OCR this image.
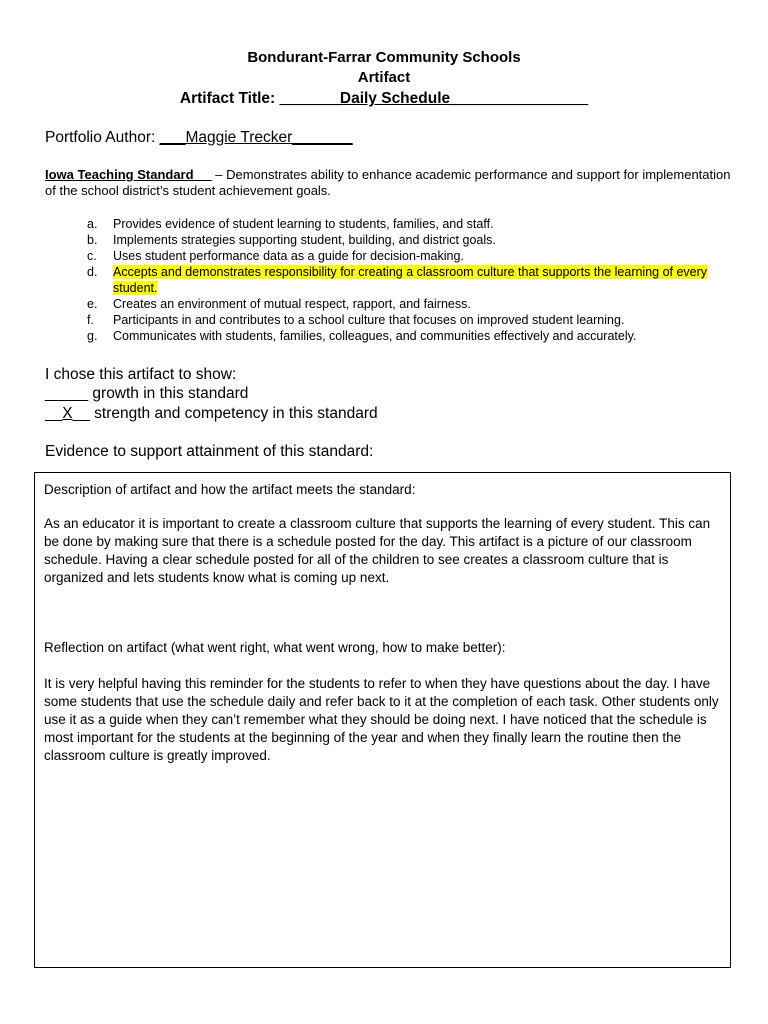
Bondurant-Farrar Community Schools
Artifact
Artifact Title: _______Daily Schedule________________
Portfolio Author: ___Maggie Trecker_______
Iowa Teaching Standard __ – Demonstrates ability to enhance academic performance and support for implementation of the school district’s student achievement goals.
a. Provides evidence of student learning to students, families, and staff.
b. Implements strategies supporting student, building, and district goals.
c. Uses student performance data as a guide for decision-making.
d. Accepts and demonstrates responsibility for creating a classroom culture that supports the learning of every student.
e. Creates an environment of mutual respect, rapport, and fairness.
f. Participants in and contributes to a school culture that focuses on improved student learning.
g. Communicates with students, families, colleagues, and communities effectively and accurately.
I chose this artifact to show:
_____ growth in this standard
__X__ strength and competency in this standard
Evidence to support attainment of this standard:

Description of artifact and how the artifact meets the standard:

As an educator it is important to create a classroom culture that supports the learning of every student. This can be done by making sure that there is a schedule posted for the day. This artifact is a picture of our classroom schedule. Having a clear schedule posted for all of the children to see creates a classroom culture that is organized and lets students know what is coming up next.

Reflection on artifact (what went right, what went wrong, how to make better):

It is very helpful having this reminder for the students to refer to when they have questions about the day. I have some students that use the schedule daily and refer back to it at the completion of each task. Other students only use it as a guide when they can’t remember what they should be doing next. I have noticed that the schedule is most important for the students at the beginning of the year and when they finally learn the routine then the classroom culture is greatly improved.
